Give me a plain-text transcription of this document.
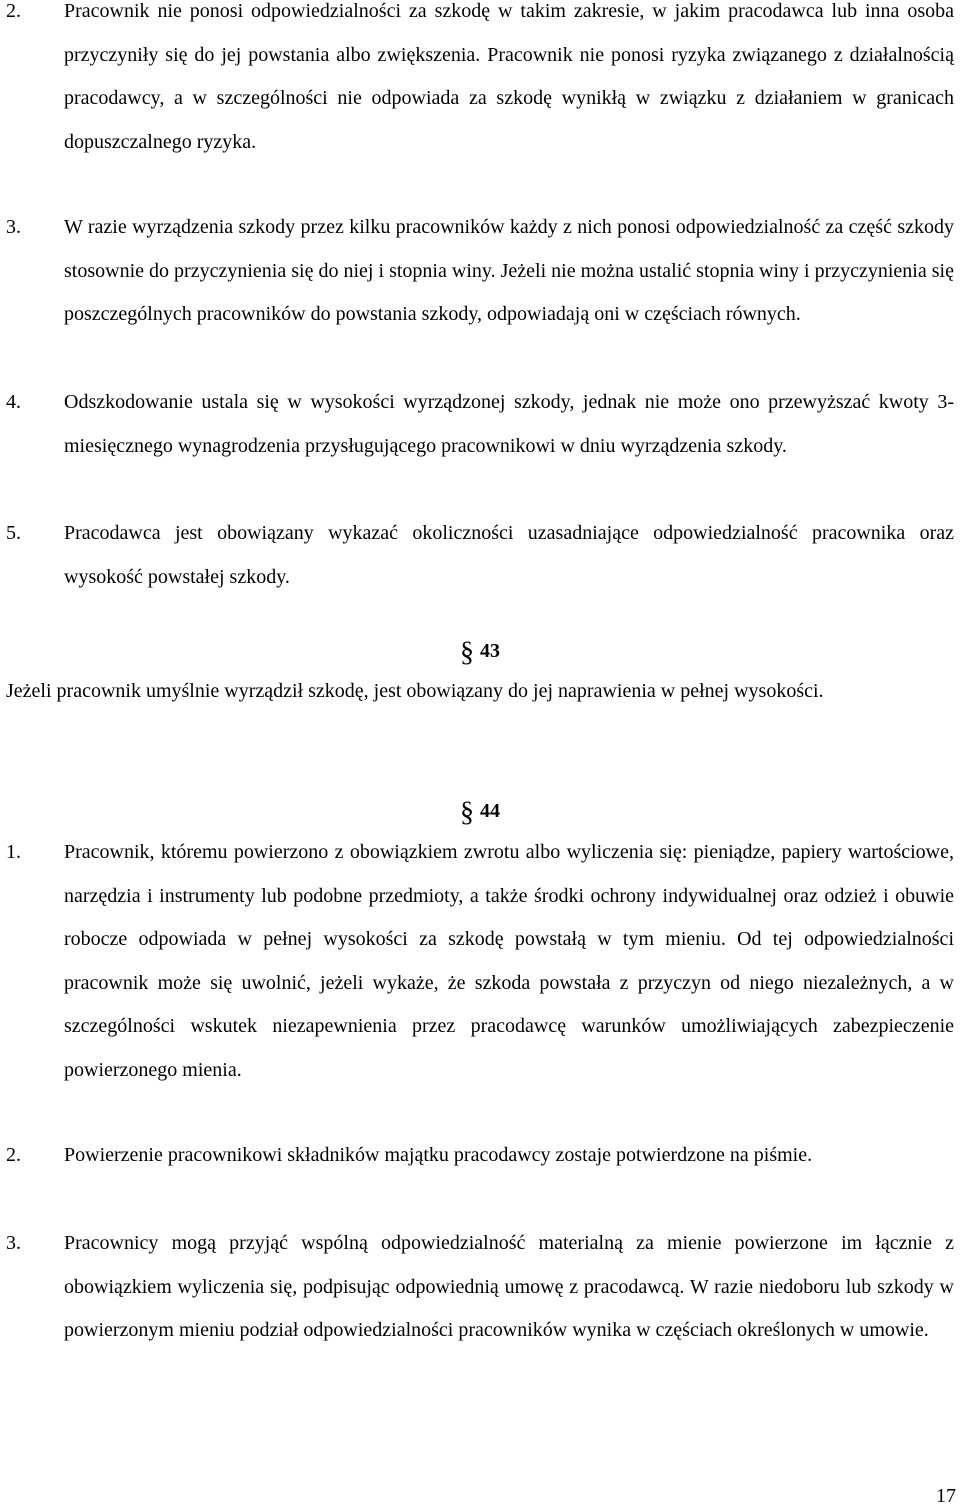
2.	Pracownik nie ponosi odpowiedzialności za szkodę w takim zakresie, w jakim pracodawca lub inna osoba przyczyniły się do jej powstania albo zwiększenia. Pracownik nie ponosi ryzyka związanego z działalnością pracodawcy, a w szczególności nie odpowiada za szkodę wynikłą w związku z działaniem w granicach dopuszczalnego ryzyka.
3.	W razie wyrządzenia szkody przez kilku pracowników każdy z nich ponosi odpowiedzialność za część szkody stosownie do przyczynienia się do niej i stopnia winy. Jeżeli nie można ustalić stopnia winy i przyczynienia się poszczególnych pracowników do powstania szkody, odpowiadają oni w częściach równych.
4.	Odszkodowanie ustala się w wysokości wyrządzonej szkody, jednak nie może ono przewyższać kwoty 3-miesięcznego wynagrodzenia przysługującego pracownikowi w dniu wyrządzenia szkody.
5.	Pracodawca jest obowiązany wykazać okoliczności uzasadniające odpowiedzialność pracownika oraz wysokość powstałej szkody.
§ 43
Jeżeli pracownik umyślnie wyrządził szkodę, jest obowiązany do jej naprawienia w pełnej wysokości.
§ 44
1.	Pracownik, któremu powierzono z obowiązkiem zwrotu albo wyliczenia się: pieniądze, papiery wartościowe, narzędzia i instrumenty lub podobne przedmioty, a także środki ochrony indywidualnej oraz odzież i obuwie robocze odpowiada w pełnej wysokości za szkodę powstałą w tym mieniu. Od tej odpowiedzialności pracownik może się uwolnić, jeżeli wykaże, że szkoda powstała z przyczyn od niego niezależnych, a w szczególności wskutek niezapewnienia przez pracodawcę warunków umożliwiających zabezpieczenie powierzonego mienia.
2.	Powierzenie pracownikowi składników majątku pracodawcy zostaje potwierdzone na piśmie.
3.	Pracownicy mogą przyjąć wspólną odpowiedzialność materialną za mienie powierzone im łącznie z obowiązkiem wyliczenia się, podpisując odpowiednią umowę z pracodawcą. W razie niedoboru lub szkody w powierzonym mieniu podział odpowiedzialności pracowników wynika w częściach określonych w umowie.
17
